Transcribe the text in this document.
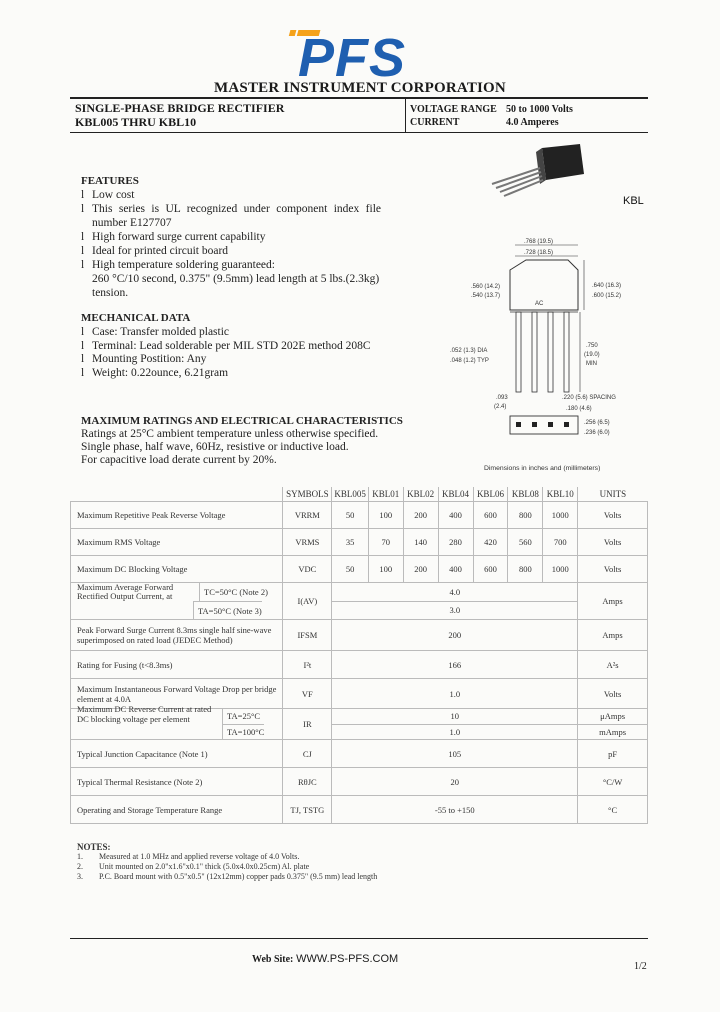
PFS
MASTER INSTRUMENT CORPORATION
SINGLE-PHASE BRIDGE RECTIFIER
KBL005 THRU KBL10
VOLTAGE RANGE 50 to 1000 Volts
CURRENT	4.0 Amperes
FEATURES
l Low cost
l This series is UL recognized under component index file number E127707
l High forward surge current capability
l Ideal for printed circuit board
l High temperature soldering guaranteed:
260 °C/10 second, 0.375" (9.5mm) lead length at 5 lbs.(2.3kg) tension.
MECHANICAL DATA
l Case: Transfer molded plastic
l Terminal: Lead solderable per MIL STD 202E method 208C
l Mounting Postition: Any
l Weight: 0.22ounce, 6.21gram
MAXIMUM RATINGS AND ELECTRICAL CHARACTERISTICS
Ratings at 25°C ambient temperature unless otherwise specified.
Single phase, half wave, 60Hz, resistive or inductive load.
For capacitive load derate current by 20%.
KBL
.768 (19.5)
.728 (18.5)
AC
.560 (14.2)
.540 (13.7)
.640 (16.3)
.600 (15.2)
.052 (1.3) DIA
.048 (1.2) TYP
.750
(19.0)
MIN
.093
(2.4)
.220 (5.6) SPACING
.180 (4.6)
.256 (6.5)
.236 (6.0)
Dimensions in inches and (millimeters)
	SYMBOLS	KBL005	KBL01	KBL02	KBL04	KBL06	KBL08	KBL10	UNITS
Maximum Repetitive Peak Reverse Voltage	VRRM	50	100	200	400	600	800	1000	Volts
Maximum RMS Voltage	VRMS	35	70	140	280	420	560	700	Volts
Maximum DC Blocking Voltage	VDC	50	100	200	400	600	800	1000	Volts

Maximum Average Forward Rectified Output Current, at TC=50°C (Note 2)	I(AV)	4.0							Amps

TA=50°C (Note 3)		3.0							
Peak Forward Surge Current 8.3ms single half sine-wave superimposed on rated load (JEDEC Method)	IFSM	200							Amps
Rating for Fusing (t<8.3ms)	I²t	166							A²s
Maximum Instantaneous Forward Voltage Drop per bridge element at 4.0A	VF	1.0							Volts

Maximum DC Reverse Current at rated DC blocking voltage per element TA=25°C	IR	10							μAmps

TA=100°C		1.0							mAmps
Typical Junction Capacitance (Note 1)	CJ	105							pF
Typical Thermal Resistance (Note 2)	RθJC	20							°C/W
Operating and Storage Temperature Range	TJ, TSTG	-55 to +150							°C
NOTES:
1. Measured at 1.0 MHz and applied reverse voltage of 4.0 Volts.
2. Unit mounted on 2.0"x1.6"x0.1" thick (5.0x4.0x0.25cm) Al. plate
3. P.C. Board mount with 0.5"x0.5" (12x12mm) copper pads 0.375" (9.5 mm) lead length
Web Site: WWW.PS-PFS.COM
1/2
